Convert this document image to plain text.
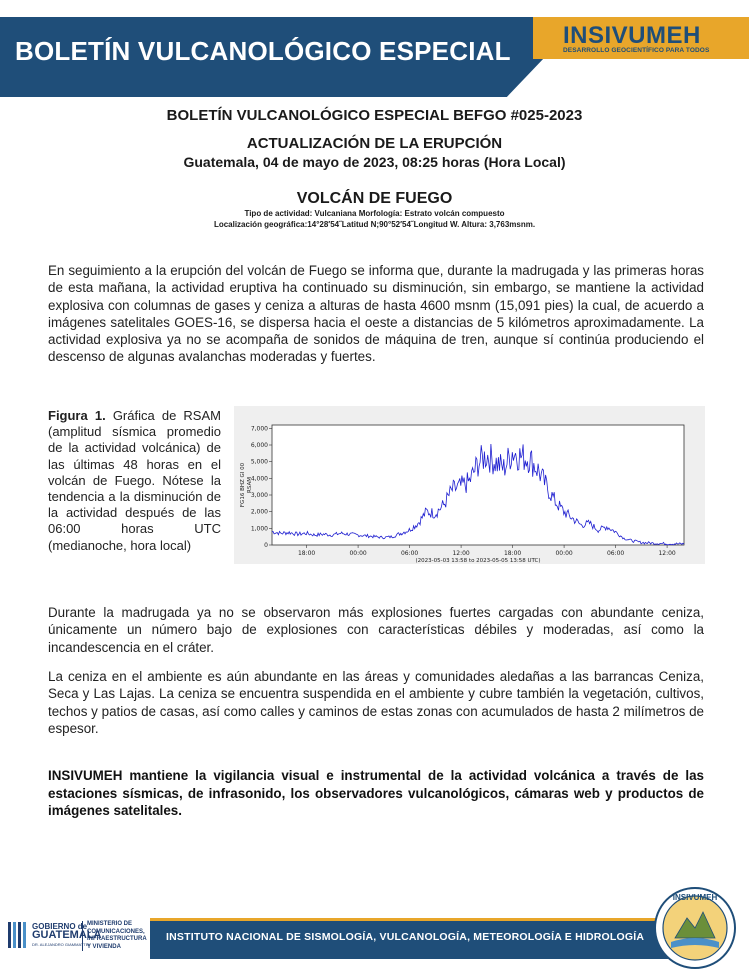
BOLETÍN VULCANOLÓGICO ESPECIAL
INSIVUMEH
DESARROLLO GEOCIENTÍFICO PARA TODOS
BOLETÍN VULCANOLÓGICO ESPECIAL BEFGO #025-2023
ACTUALIZACIÓN DE LA ERUPCIÓN
Guatemala, 04 de mayo de 2023, 08:25 horas (Hora Local)
VOLCÁN DE FUEGO
Tipo de actividad: Vulcaniana Morfología: Estrato volcán compuesto
Localización geográfica:14°28′54˝Latitud N;90°52′54˝Longitud W. Altura: 3,763msnm.
En seguimiento a la erupción del volcán de Fuego se informa que, durante la madrugada y las primeras horas de esta mañana, la actividad eruptiva ha continuado su disminución, sin embargo, se mantiene la actividad explosiva con columnas de gases y ceniza a alturas de hasta 4600 msnm (15,091 pies) la cual, de acuerdo a imágenes satelitales GOES-16, se dispersa hacia el oeste a distancias de 5 kilómetros aproximadamente. La actividad explosiva ya no se acompaña de sonidos de máquina de tren, aunque sí continúa produciendo el descenso de algunas avalanchas moderadas y fuertes.
Figura 1. Gráfica de RSAM (amplitud sísmica promedio de la actividad volcánica) de las últimas 48 horas en el volcán de Fuego. Nótese la tendencia a la disminución de la actividad después de las 06:00 horas UTC (medianoche, hora local)	0
1,000
2,000
3,000
4,000
5,000
6,000
7,000
18:00	00:00	06:00	12:00	18:00	00:00	06:00	12:00
FG16 BHZ GI 00 RSAM
(2023-05-03 13:58 to 2023-05-05 13:58 UTC)
Durante la madrugada ya no se observaron más explosiones fuertes cargadas con abundante ceniza, únicamente un número bajo de explosiones con características débiles y moderadas, así como la incandescencia en el cráter.
La ceniza en el ambiente es aún abundante en las áreas y comunidades aledañas a las barrancas Ceniza, Seca y Las Lajas. La ceniza se encuentra suspendida en el ambiente y cubre también la vegetación, cultivos, techos y patios de casas, así como calles y caminos de estas zonas con acumulados de hasta 2 milímetros de espesor.
INSIVUMEH mantiene la vigilancia visual e instrumental de la actividad volcánica a través de las estaciones sísmicas, de infrasonido, los observadores vulcanológicos, cámaras web y productos de imágenes satelitales.
GOBIERNO de
GUATEMALA
DR. ALEJANDRO GIAMMATTEI
MINISTERIO DE
COMUNICACIONES,
INFRAESTRUCTURA
Y VIVIENDA
INSTITUTO NACIONAL DE SISMOLOGÍA, VULCANOLOGÍA, METEOROLOGÍA E HIDROLOGÍA
INSIVUMEH
